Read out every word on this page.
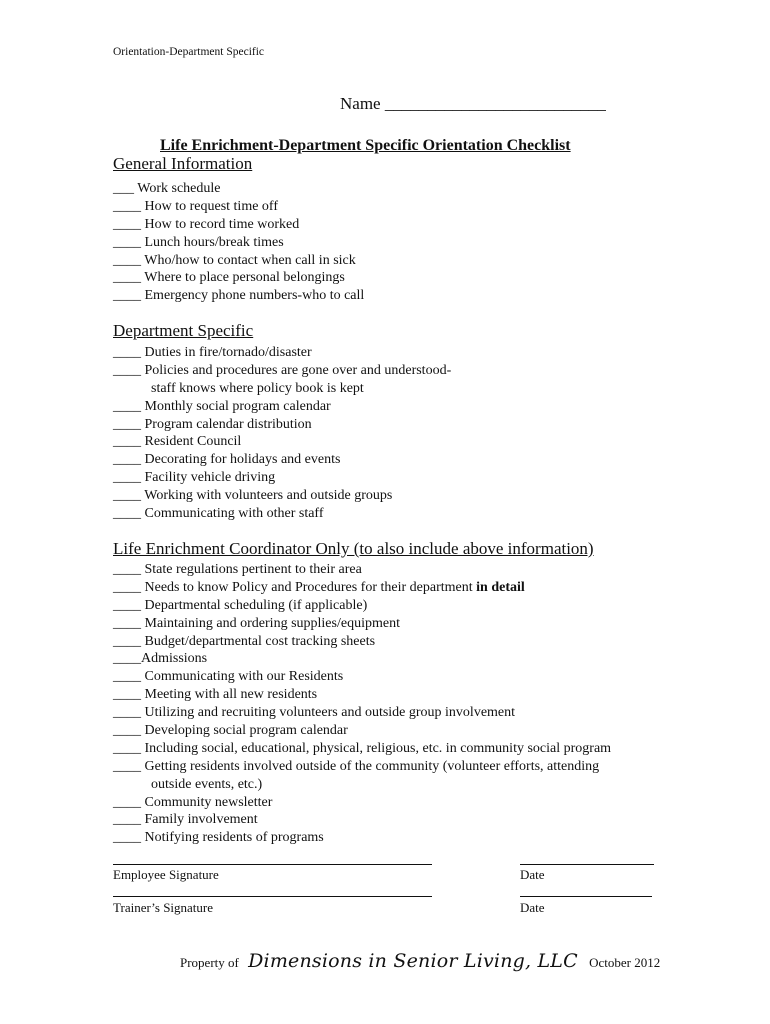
Orientation-Department Specific
Name __________________________
Life Enrichment-Department Specific Orientation Checklist
General Information
___ Work schedule
____ How to request time off
____ How to record time worked
____ Lunch hours/break times
____ Who/how to contact when call in sick
____ Where to place personal belongings
____ Emergency phone numbers-who to call
Department Specific
____ Duties in fire/tornado/disaster
____ Policies and procedures are gone over and understood-
staff knows where policy book is kept
____ Monthly social program calendar
____ Program calendar distribution
____ Resident Council
____ Decorating for holidays and events
____ Facility vehicle driving
____ Working with volunteers and outside groups
____ Communicating with other staff
Life Enrichment Coordinator Only (to also include above information)
____ State regulations pertinent to their area
____ Needs to know Policy and Procedures for their department in detail
____ Departmental scheduling (if applicable)
____ Maintaining and ordering supplies/equipment
____ Budget/departmental cost tracking sheets
____Admissions
____ Communicating with our Residents
____ Meeting with all new residents
____ Utilizing and recruiting volunteers and outside group involvement
____ Developing social program calendar
____ Including social, educational, physical, religious, etc. in community social program
____ Getting residents involved outside of the community (volunteer efforts, attending
outside events, etc.)
____ Community newsletter
____ Family involvement
____ Notifying residents of programs
Employee Signature	Date
Trainer’s Signature	Date
Property of Dimensions in Senior Living, LLC October 2012
